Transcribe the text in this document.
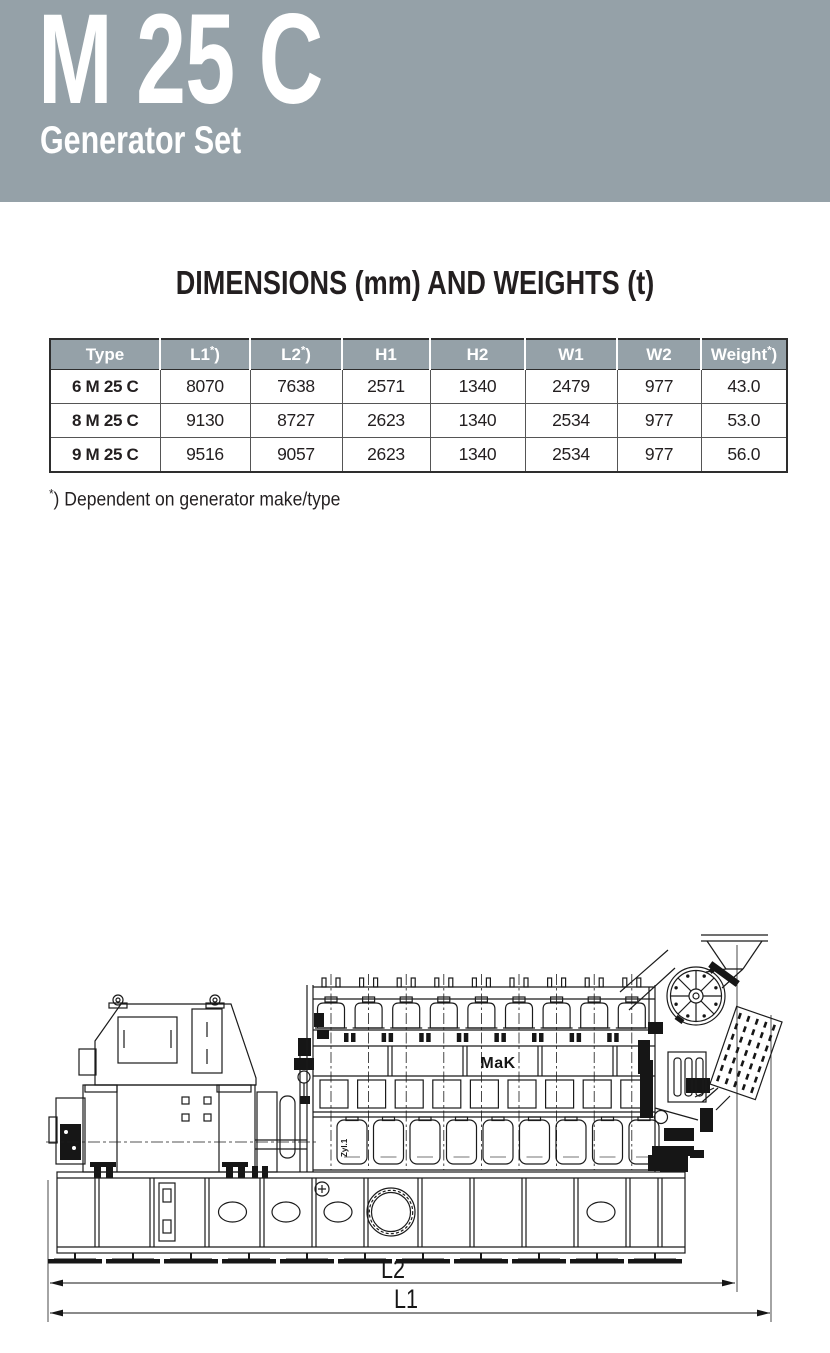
M 25 C
Generator Set
DIMENSIONS (mm) AND WEIGHTS (t)
Type	L1*)	L2*)	H1	H2	W1	W2	Weight*)
6 M 25 C	8070	7638	2571	1340	2479	977	43.0
8 M 25 C	9130	8727	2623	1340	2534	977	53.0
9 M 25 C	9516	9057	2623	1340	2534	977	56.0
*) Dependent on generator make/type
MaK
Zyl.1
L2
L1
